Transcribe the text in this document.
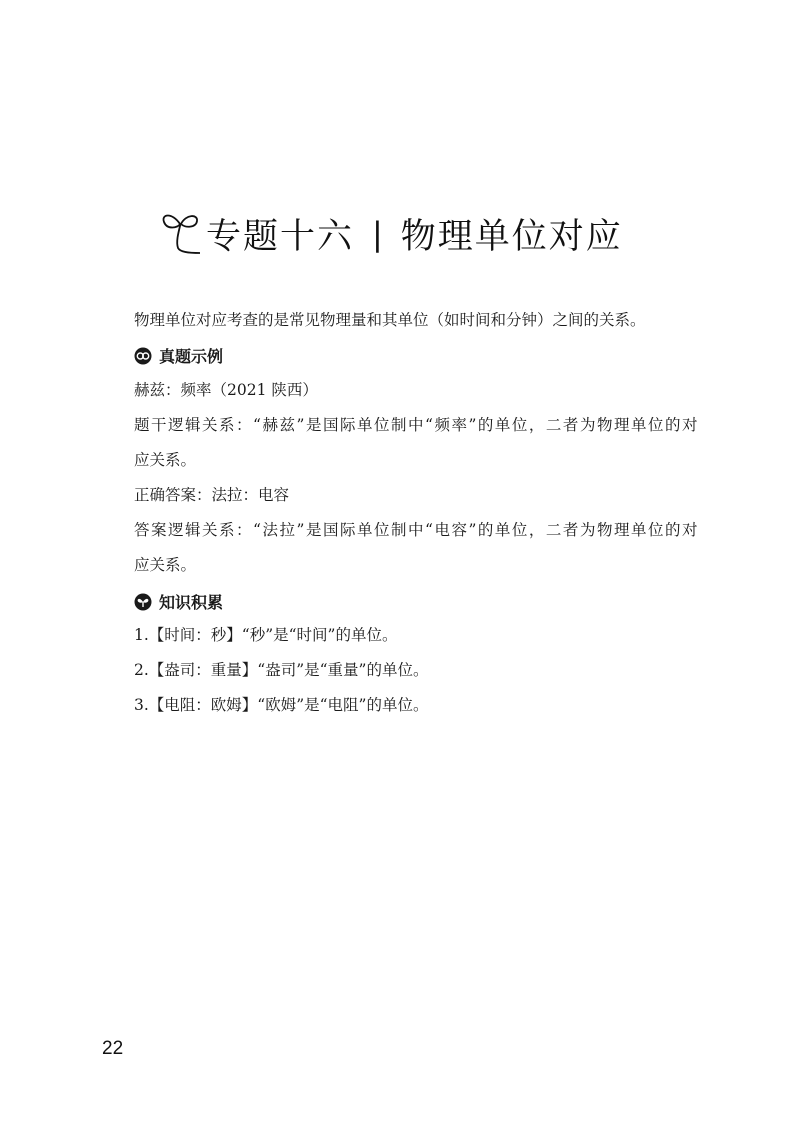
专题十六 | 物理单位对应
物理单位对应考查的是常见物理量和其单位（如时间和分钟）之间的关系。
真题示例
赫兹：频率（2021 陕西）
题干逻辑关系：“赫兹”是国际单位制中“频率”的单位，二者为物理单位的对
应关系。
正确答案：法拉：电容
答案逻辑关系：“法拉”是国际单位制中“电容”的单位，二者为物理单位的对
应关系。
知识积累
1.【时间：秒】“秒”是“时间”的单位。
2.【盎司：重量】“盎司”是“重量”的单位。
3.【电阻：欧姆】“欧姆”是“电阻”的单位。
22
